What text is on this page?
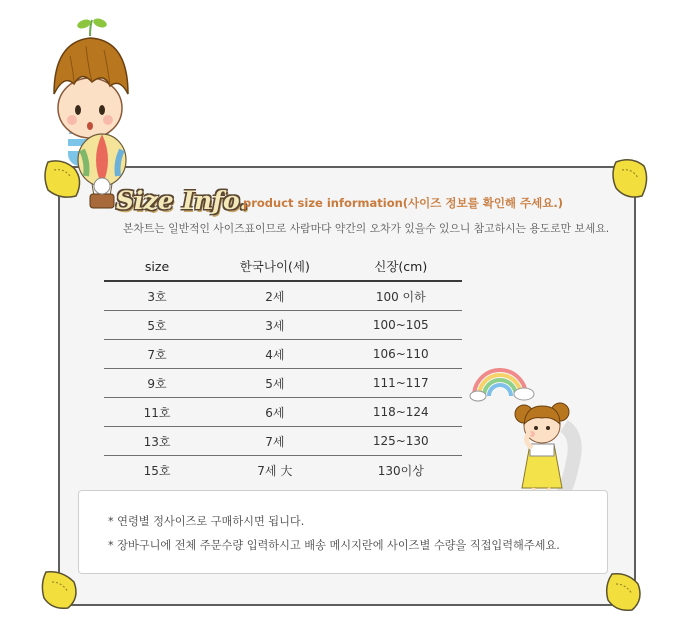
Size Info.
product size information(사이즈 정보를 확인해 주세요.)
본차트는 일반적인 사이즈표이므로 사람마다 약간의 오차가 있을수 있으니 참고하시는 용도로만 보세요.
size	한국나이(세)	신장(cm)
3호	2세	100 이하
5호	3세	100~105
7호	4세	106~110
9호	5세	111~117
11호	6세	118~124
13호	7세	125~130
15호	7세 大	130이상
* 연령별 정사이즈로 구매하시면 됩니다.
* 장바구니에 전체 주문수량 입력하시고 배송 메시지란에 사이즈별 수량을 직접입력해주세요.
